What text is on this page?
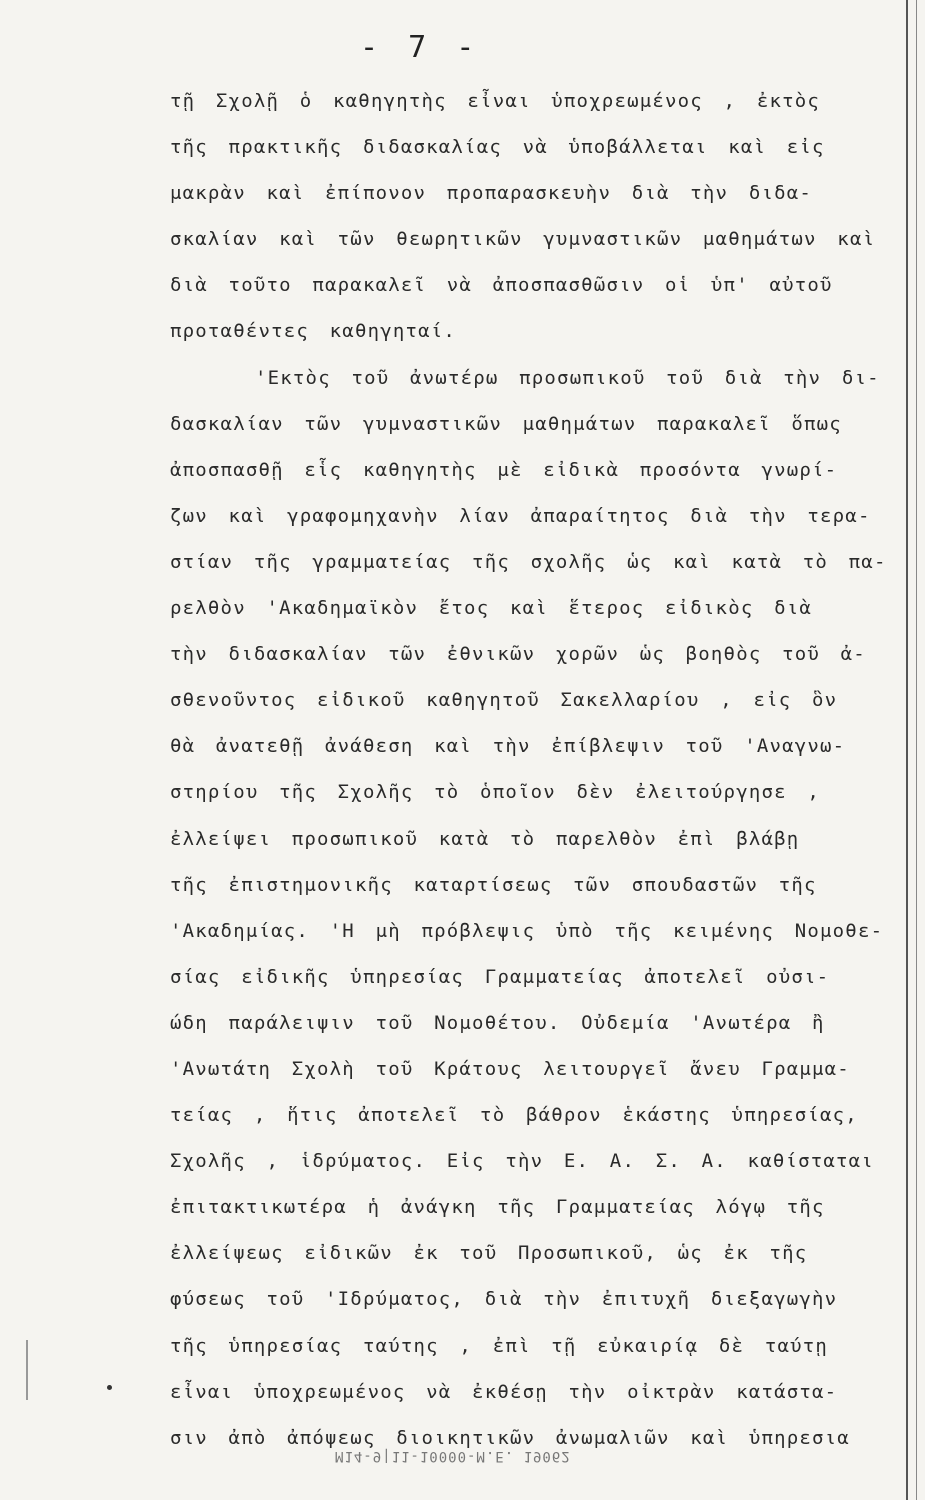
- 7 -
τῇ Σχολῇ ὁ καθηγητὴς εἶναι ὑποχρεωμένος , ἐκτὸς
τῆς πρακτικῆς διδασκαλίας νὰ ὑποβάλλεται καὶ εἰς
μακρὰν καὶ ἐπίπονον προπαρασκευὴν διὰ τὴν διδα-
σκαλίαν καὶ τῶν θεωρητικῶν γυμναστικῶν μαθημάτων καὶ
διὰ τοῦτο παρακαλεῖ νὰ ἀποσπασθῶσιν οἱ ὑπ' αὐτοῦ
προταθέντες καθηγηταί.
'Εκτὸς τοῦ ἀνωτέρω προσωπικοῦ τοῦ διὰ τὴν δι-
δασκαλίαν τῶν γυμναστικῶν μαθημάτων παρακαλεῖ ὅπως
ἀποσπασθῇ εἷς καθηγητὴς μὲ εἰδικὰ προσόντα γνωρί-
ζων καὶ γραφομηχανὴν λίαν ἀπαραίτητος διὰ τὴν τερα-
στίαν τῆς γραμματείας τῆς σχολῆς ὡς καὶ κατὰ τὸ πα-
ρελθὸν 'Ακαδημαϊκὸν ἔτος καὶ ἕτερος εἰδικὸς διὰ
τὴν διδασκαλίαν τῶν ἐθνικῶν χορῶν ὡς βοηθὸς τοῦ ἀ-
σθενοῦντος εἰδικοῦ καθηγητοῦ Σακελλαρίου , εἰς ὃν
θὰ ἀνατεθῇ ἀνάθεση καὶ τὴν ἐπίβλεψιν τοῦ 'Αναγνω-
στηρίου τῆς Σχολῆς τὸ ὁποῖον δὲν ἐλειτούργησε ,
ἐλλείψει προσωπικοῦ κατὰ τὸ παρελθὸν ἐπὶ βλάβῃ
τῆς ἐπιστημονικῆς καταρτίσεως τῶν σπουδαστῶν τῆς
'Ακαδημίας. 'Η μὴ πρόβλεψις ὑπὸ τῆς κειμένης Νομοθε-
σίας εἰδικῆς ὑπηρεσίας Γραμματείας ἀποτελεῖ οὐσι-
ώδη παράλειψιν τοῦ Νομοθέτου. Οὐδεμία 'Ανωτέρα ἢ
'Ανωτάτη Σχολὴ τοῦ Κράτους λειτουργεῖ ἄνευ Γραμμα-
τείας , ἥτις ἀποτελεῖ τὸ βάθρον ἑκάστης ὑπηρεσίας,
Σχολῆς , ἱδρύματος. Εἰς τὴν Ε. Α. Σ. Α. καθίσταται
ἐπιτακτικωτέρα ἡ ἀνάγκη τῆς Γραμματείας λόγῳ τῆς
ἐλλείψεως εἰδικῶν ἐκ τοῦ Προσωπικοῦ, ὡς ἐκ τῆς
φύσεως τοῦ 'Ιδρύματος, διὰ τὴν ἐπιτυχῆ διεξαγωγὴν
τῆς ὑπηρεσίας ταύτης , ἐπὶ τῇ εὐκαιρίᾳ δὲ ταύτῃ
εἶναι ὑποχρεωμένος νὰ ἐκθέσῃ τὴν οἰκτρὰν κατάστα-
σιν ἀπὸ ἀπόψεως διοικητικῶν ἀνωμαλιῶν καὶ ὑπηρεσια
Μ14-9|11-10000-Μ.Ε. 19062
